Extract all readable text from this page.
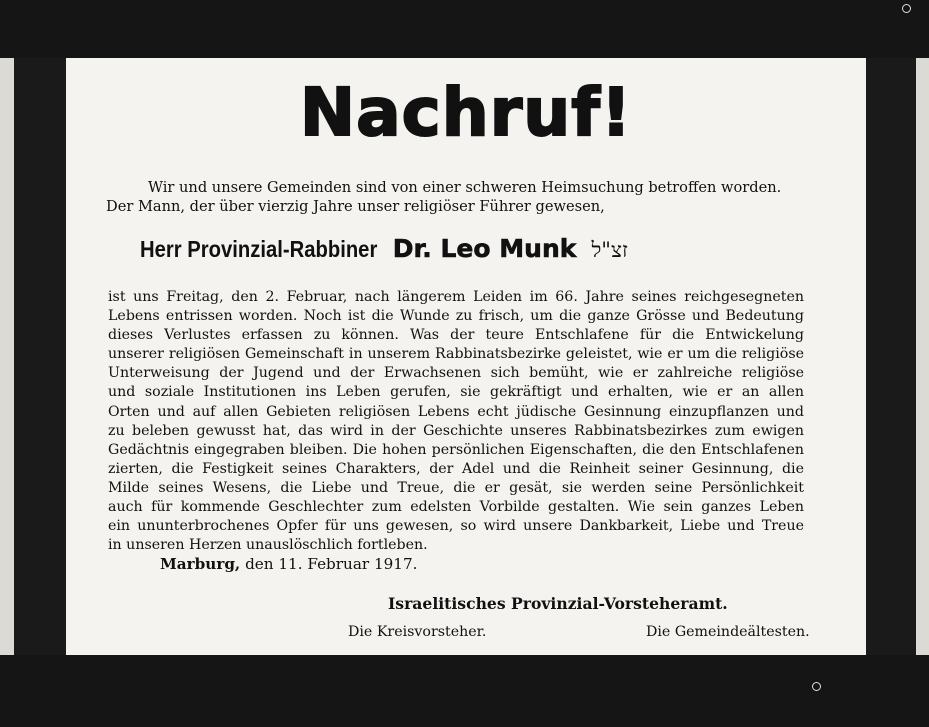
Nachruf!
Wir und unsere Gemeinden sind von einer schweren Heimsuchung betroffen worden.
Der Mann, der über vierzig Jahre unser religiöser Führer gewesen,
Herr Provinzial-Rabbiner Dr. Leo Munk זצ"ל
ist uns Freitag, den 2. Februar, nach längerem Leiden im 66. Jahre seines reichgesegneten
Lebens entrissen worden. Noch ist die Wunde zu frisch, um die ganze Grösse und Bedeutung
dieses Verlustes erfassen zu können. Was der teure Entschlafene für die Entwickelung
unserer religiösen Gemeinschaft in unserem Rabbinatsbezirke geleistet, wie er um die religiöse
Unterweisung der Jugend und der Erwachsenen sich bemüht, wie er zahlreiche religiöse
und soziale Institutionen ins Leben gerufen, sie gekräftigt und erhalten, wie er an allen
Orten und auf allen Gebieten religiösen Lebens echt jüdische Gesinnung einzupflanzen und
zu beleben gewusst hat, das wird in der Geschichte unseres Rabbinatsbezirkes zum ewigen
Gedächtnis eingegraben bleiben. Die hohen persönlichen Eigenschaften, die den Entschlafenen
zierten, die Festigkeit seines Charakters, der Adel und die Reinheit seiner Gesinnung, die
Milde seines Wesens, die Liebe und Treue, die er gesät, sie werden seine Persönlichkeit
auch für kommende Geschlechter zum edelsten Vorbilde gestalten. Wie sein ganzes Leben
ein ununterbrochenes Opfer für uns gewesen, so wird unsere Dankbarkeit, Liebe und Treue
in unseren Herzen unauslöschlich fortleben.
Marburg, den 11. Februar 1917.
Israelitisches Provinzial-Vorsteheramt.
Die Kreisvorsteher.	Die Gemeindeältesten.
